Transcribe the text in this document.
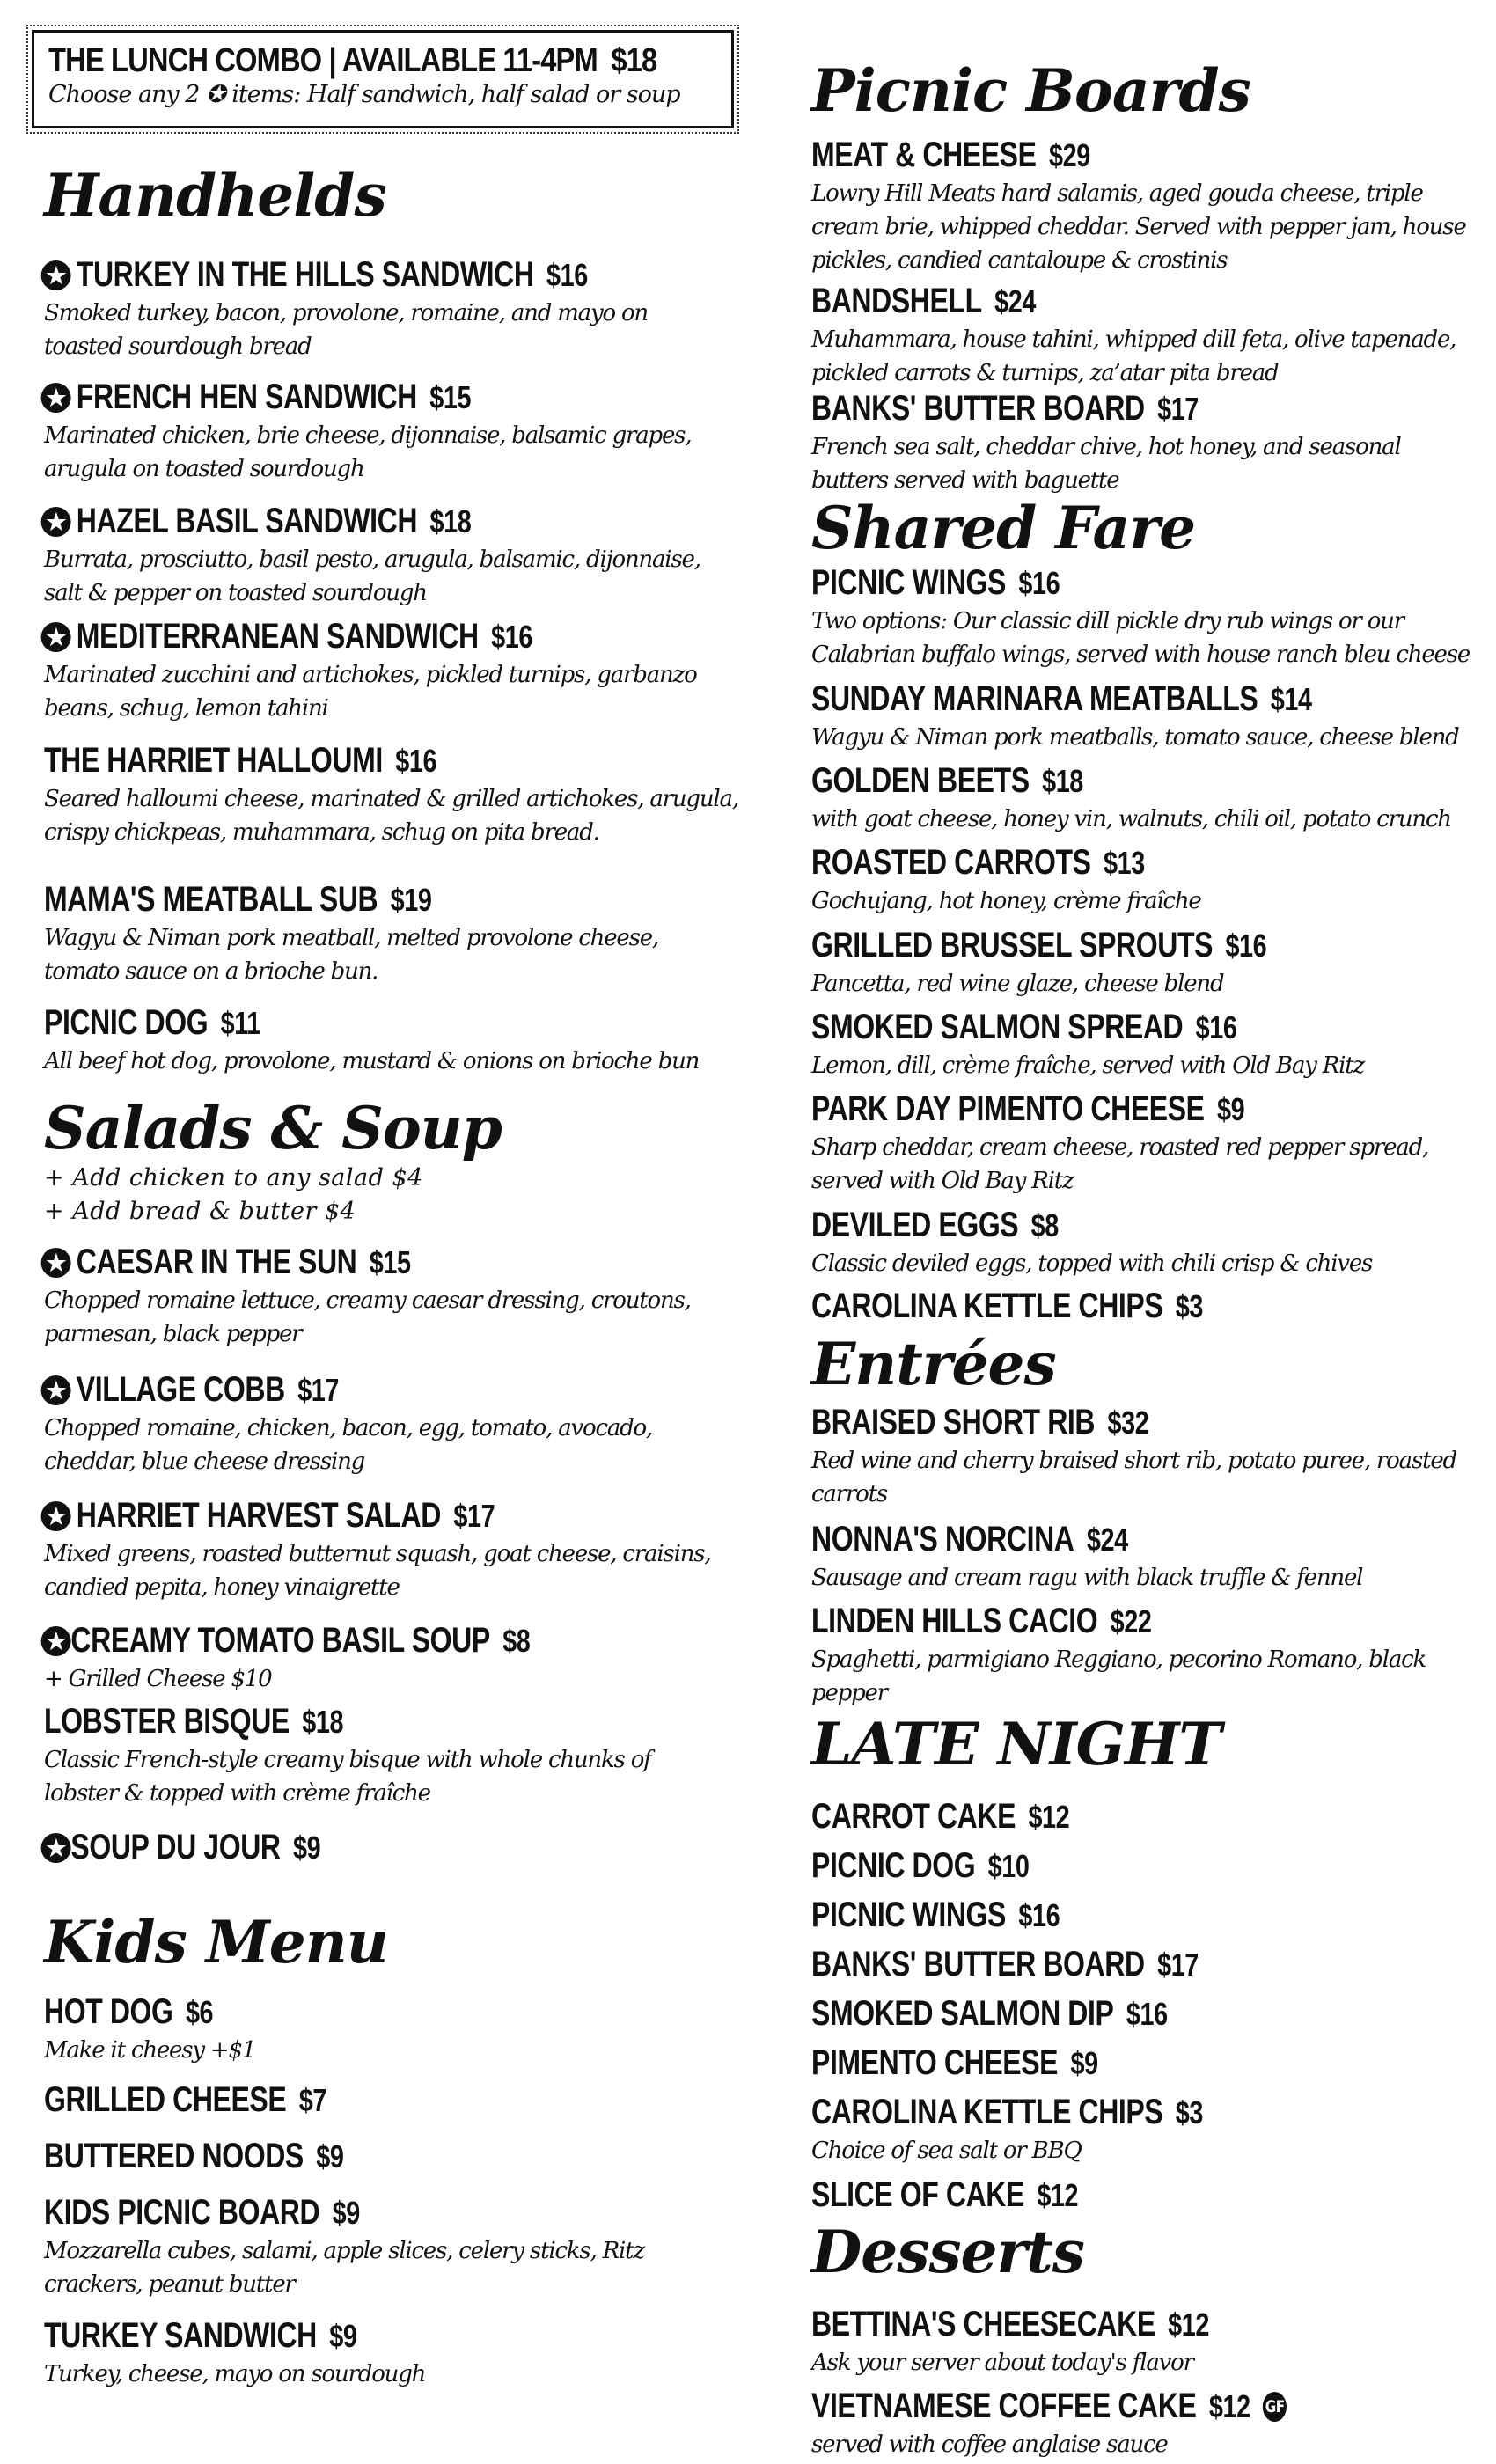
THE LUNCH COMBO | AVAILABLE 11-4PM $18
Choose any 2 ✪ items: Half sandwich, half salad or soup
Handhelds
★ TURKEY IN THE HILLS SANDWICH $16
Smoked turkey, bacon, provolone, romaine, and mayo on toasted sourdough bread
★ FRENCH HEN SANDWICH $15
Marinated chicken, brie cheese, dijonnaise, balsamic grapes, arugula on toasted sourdough
★ HAZEL BASIL SANDWICH $18
Burrata, prosciutto, basil pesto, arugula, balsamic, dijonnaise, salt & pepper on toasted sourdough
★ MEDITERRANEAN SANDWICH $16
Marinated zucchini and artichokes, pickled turnips, garbanzo beans, schug, lemon tahini
THE HARRIET HALLOUMI $16
Seared halloumi cheese, marinated & grilled artichokes, arugula, crispy chickpeas, muhammara, schug on pita bread.
MAMA'S MEATBALL SUB $19
Wagyu & Niman pork meatball, melted provolone cheese, tomato sauce on a brioche bun.
PICNIC DOG $11
All beef hot dog, provolone, mustard & onions on brioche bun
Salads & Soup
+ Add chicken to any salad $4
+ Add bread & butter $4
★ CAESAR IN THE SUN $15
Chopped romaine lettuce, creamy caesar dressing, croutons, parmesan, black pepper
★ VILLAGE COBB $17
Chopped romaine, chicken, bacon, egg, tomato, avocado, cheddar, blue cheese dressing
★ HARRIET HARVEST SALAD $17
Mixed greens, roasted butternut squash, goat cheese, craisins, candied pepita, honey vinaigrette
★ CREAMY TOMATO BASIL SOUP $8
+ Grilled Cheese $10
LOBSTER BISQUE $18
Classic French-style creamy bisque with whole chunks of lobster & topped with crème fraîche
★ SOUP DU JOUR $9
Kids Menu
HOT DOG $6
Make it cheesy +$1
GRILLED CHEESE $7
BUTTERED NOODS $9
KIDS PICNIC BOARD $9
Mozzarella cubes, salami, apple slices, celery sticks, Ritz crackers, peanut butter
TURKEY SANDWICH $9
Turkey, cheese, mayo on sourdough
Picnic Boards
MEAT & CHEESE $29
Lowry Hill Meats hard salamis, aged gouda cheese, triple cream brie, whipped cheddar. Served with pepper jam, house pickles, candied cantaloupe & crostinis
BANDSHELL $24
Muhammara, house tahini, whipped dill feta, olive tapenade, pickled carrots & turnips, za’atar pita bread
BANKS' BUTTER BOARD $17
French sea salt, cheddar chive, hot honey, and seasonal butters served with baguette
Shared Fare
PICNIC WINGS $16
Two options: Our classic dill pickle dry rub wings or our Calabrian buffalo wings, served with house ranch bleu cheese
SUNDAY MARINARA MEATBALLS $14
Wagyu & Niman pork meatballs, tomato sauce, cheese blend
GOLDEN BEETS $18
with goat cheese, honey vin, walnuts, chili oil, potato crunch
ROASTED CARROTS $13
Gochujang, hot honey, crème fraîche
GRILLED BRUSSEL SPROUTS $16
Pancetta, red wine glaze, cheese blend
SMOKED SALMON SPREAD $16
Lemon, dill, crème fraîche, served with Old Bay Ritz
PARK DAY PIMENTO CHEESE $9
Sharp cheddar, cream cheese, roasted red pepper spread, served with Old Bay Ritz
DEVILED EGGS $8
Classic deviled eggs, topped with chili crisp & chives
CAROLINA KETTLE CHIPS $3
Entrées
BRAISED SHORT RIB $32
Red wine and cherry braised short rib, potato puree, roasted carrots
NONNA'S NORCINA $24
Sausage and cream ragu with black truffle & fennel
LINDEN HILLS CACIO $22
Spaghetti, parmigiano Reggiano, pecorino Romano, black pepper
LATE NIGHT
CARROT CAKE $12
PICNIC DOG $10
PICNIC WINGS $16
BANKS' BUTTER BOARD $17
SMOKED SALMON DIP $16
PIMENTO CHEESE $9
CAROLINA KETTLE CHIPS $3
Choice of sea salt or BBQ
SLICE OF CAKE $12
Desserts
BETTINA'S CHEESECAKE $12
Ask your server about today's flavor
VIETNAMESE COFFEE CAKE $12 GF
served with coffee anglaise sauce
